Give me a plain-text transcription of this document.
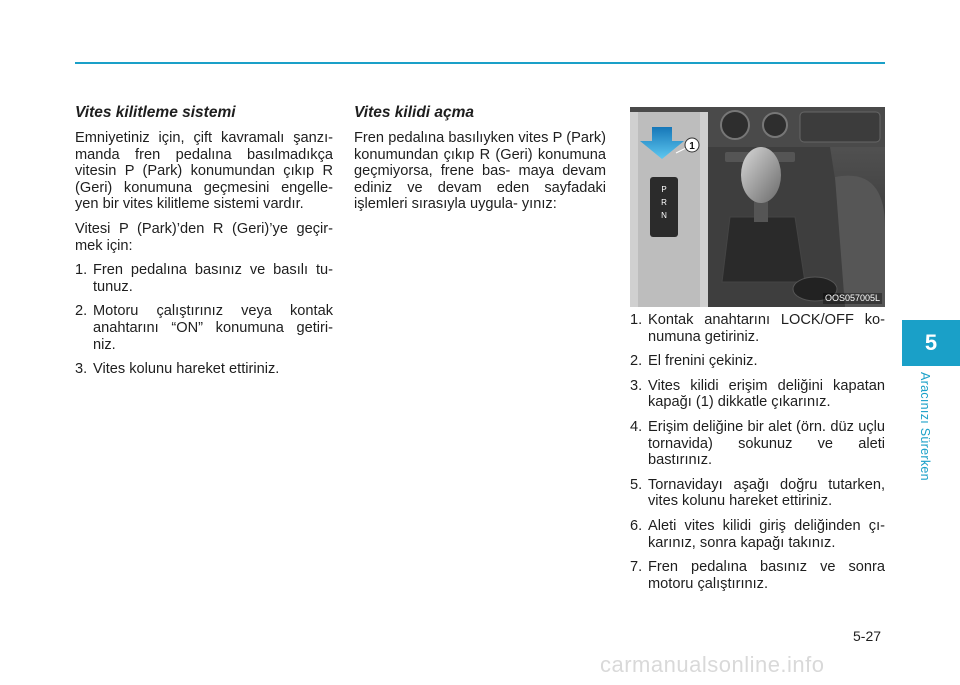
Vites kilitleme sistemi

Emniyetiniz için, çift kavramalı şanzı- manda fren pedalına basılmadıkça vitesin P (Park) konumundan çıkıp R (Geri) konumuna geçmesini engelle- yen bir vites kilitleme sistemi vardır.

Vitesi P (Park)’den R (Geri)’ye geçir- mek için:

1. Fren pedalına basınız ve basılı tu- tunuz.
2. Motoru çalıştırınız veya kontak anahtarını “ON” konumuna getiri- niz.
3. Vites kolunu hareket ettiriniz.
Vites kilidi açma

Fren pedalına basılıyken vites P (Park) konumundan çıkıp R (Geri) konumuna geçmiyorsa, frene bas- maya devam ediniz ve devam eden sayfadaki işlemleri sırasıyla uygula- yınız:

P
R
N
1
OOS057005L
1. Kontak anahtarını LOCK/OFF ko- numuna getiriniz.
2. El frenini çekiniz.
3. Vites kilidi erişim deliğini kapatan kapağı (1) dikkatle çıkarınız.
4. Erişim deliğine bir alet (örn. düz uçlu tornavida) sokunuz ve aleti bastırınız.
5. Tornavidayı aşağı doğru tutarken, vites kolunu hareket ettiriniz.
6. Aleti vites kilidi giriş deliğinden çı- karınız, sonra kapağı takınız.
7. Fren pedalına basınız ve sonra motoru çalıştırınız.
5
Aracınızı Sürerken
5-27
carmanualsonline.info
